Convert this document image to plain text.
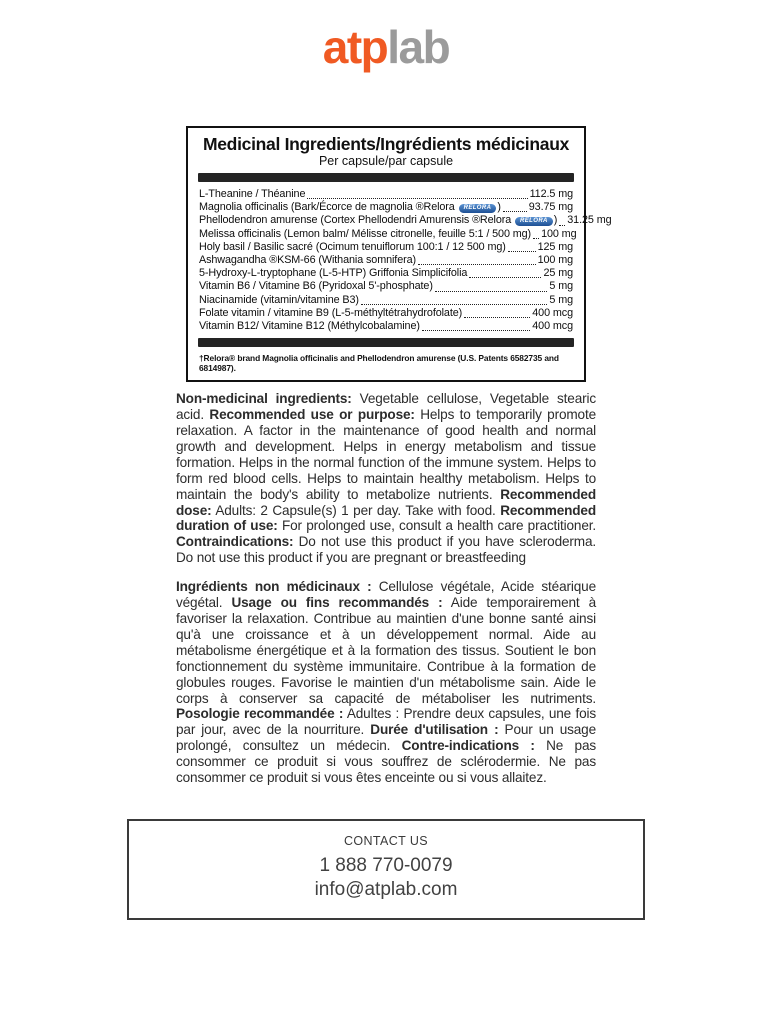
atplab
Medicinal Ingredients/Ingrédients médicinaux
Per capsule/par capsule
L-Theanine / Théanine	112.5 mg
Magnolia officinalis (Bark/Écorce de magnolia ®Relora RELORA )	93.75 mg
Phellodendron amurense (Cortex Phellodendri Amurensis ®Relora RELORA ) 31.25 mg
Melissa officinalis (Lemon balm/ Mélisse citronelle, feuille 5:1 / 500 mg) 100 mg
Holy basil / Basilic sacré (Ocimum tenuiflorum 100:1 / 12 500 mg)	125 mg
Ashwagandha ®KSM-66 (Withania somnifera)	100 mg
5-Hydroxy-L-tryptophane (L-5-HTP) Griffonia Simplicifolia	25 mg
Vitamin B6 / Vitamine B6 (Pyridoxal 5'-phosphate)	5 mg
Niacinamide (vitamin/vitamine B3)	5 mg
Folate vitamin / vitamine B9 (L-5-méthyltétrahydrofolate)	400 mcg
Vitamin B12/ Vitamine B12 (Méthylcobalamine)	400 mcg
†Relora® brand Magnolia officinalis and Phellodendron amurense (U.S. Patents 6582735 and 6814987).

Non-medicinal ingredients: Vegetable cellulose, Vegetable stearic acid. Recommended use or purpose: Helps to temporarily promote relaxation. A factor in the maintenance of good health and normal growth and development. Helps in energy metabolism and tissue formation. Helps in the normal function of the immune system. Helps to form red blood cells. Helps to maintain healthy metabolism. Helps to maintain the body's ability to metabolize nutrients. Recommended dose: Adults: 2 Capsule(s) 1 per day. Take with food. Recommended duration of use: For prolonged use, consult a health care practitioner. Contraindications: Do not use this product if you have scleroderma. Do not use this product if you are pregnant or breastfeeding

Ingrédients non médicinaux : Cellulose végétale, Acide stéarique végétal. Usage ou fins recommandés : Aide temporairement à favoriser la relaxation. Contribue au maintien d'une bonne santé ainsi qu'à une croissance et à un développement normal. Aide au métabolisme énergétique et à la formation des tissus. Soutient le bon fonctionnement du système immunitaire. Contribue à la formation de globules rouges. Favorise le maintien d'un métabolisme sain. Aide le corps à conserver sa capacité de métaboliser les nutriments. Posologie recommandée : Adultes : Prendre deux capsules, une fois par jour, avec de la nourriture. Durée d'utilisation : Pour un usage prolongé, consultez un médecin. Contre-indications : Ne pas consommer ce produit si vous souffrez de sclérodermie. Ne pas consommer ce produit si vous êtes enceinte ou si vous allaitez.

CONTACT US
1 888 770-0079
info@atplab.com
